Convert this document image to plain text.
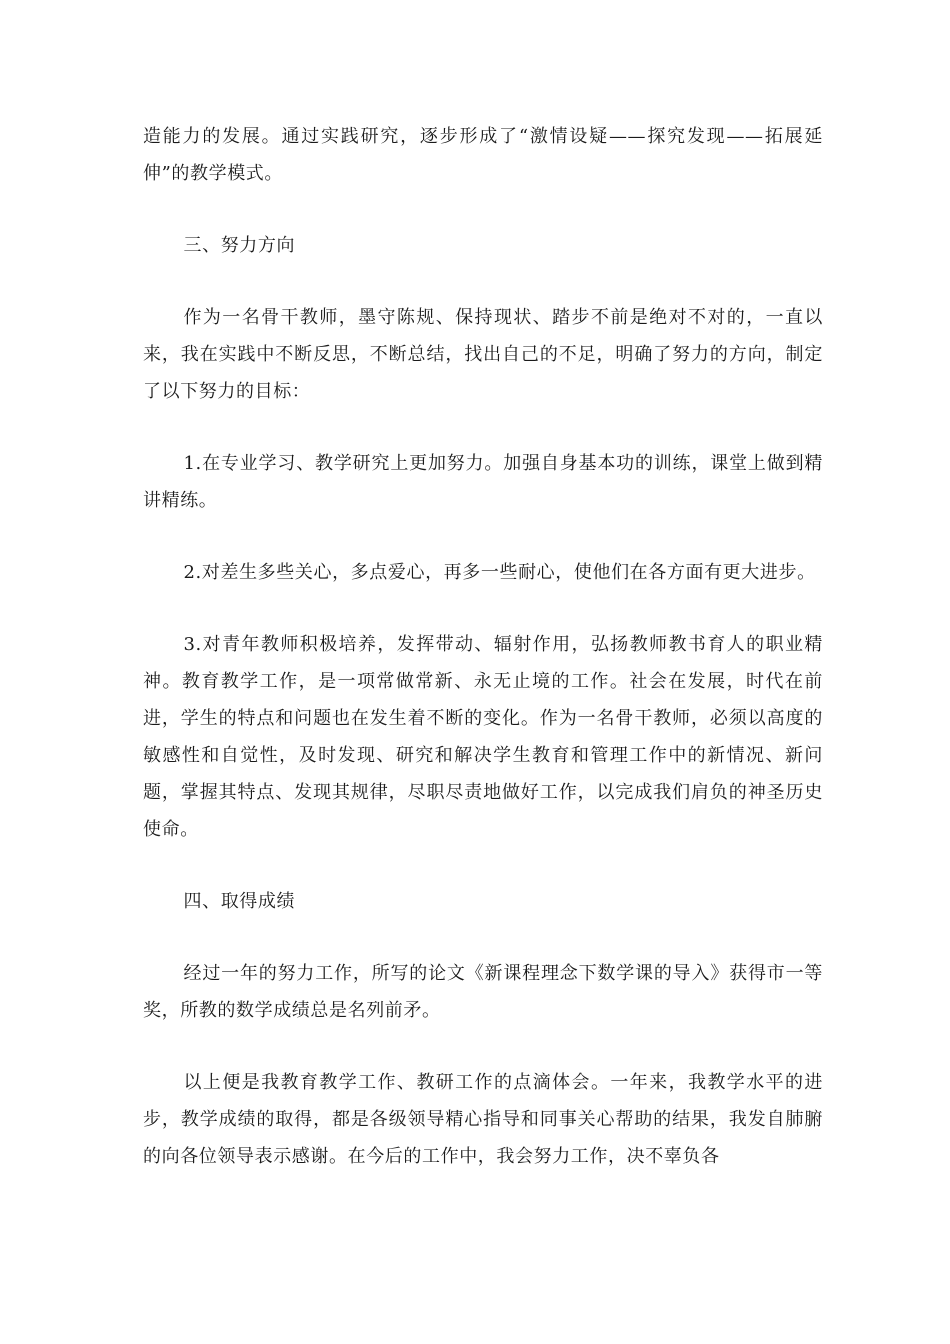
造能力的发展。通过实践研究，逐步形成了“激情设疑——探究发现——拓展延伸”的教学模式。

三、努力方向

作为一名骨干教师，墨守陈规、保持现状、踏步不前是绝对不对的，一直以来，我在实践中不断反思，不断总结，找出自己的不足，明确了努力的方向，制定了以下努力的目标：

1.在专业学习、教学研究上更加努力。加强自身基本功的训练，课堂上做到精讲精练。

2.对差生多些关心，多点爱心，再多一些耐心，使他们在各方面有更大进步。

3.对青年教师积极培养，发挥带动、辐射作用，弘扬教师教书育人的职业精神。教育教学工作，是一项常做常新、永无止境的工作。社会在发展，时代在前进，学生的特点和问题也在发生着不断的变化。作为一名骨干教师，必须以高度的敏感性和自觉性，及时发现、研究和解决学生教育和管理工作中的新情况、新问题，掌握其特点、发现其规律，尽职尽责地做好工作，以完成我们肩负的神圣历史使命。

四、取得成绩

经过一年的努力工作，所写的论文《新课程理念下数学课的导入》获得市一等奖，所教的数学成绩总是名列前矛。

以上便是我教育教学工作、教研工作的点滴体会。一年来，我教学水平的进步，教学成绩的取得，都是各级领导精心指导和同事关心帮助的结果，我发自肺腑的向各位领导表示感谢。在今后的工作中，我会努力工作，决不辜负各
